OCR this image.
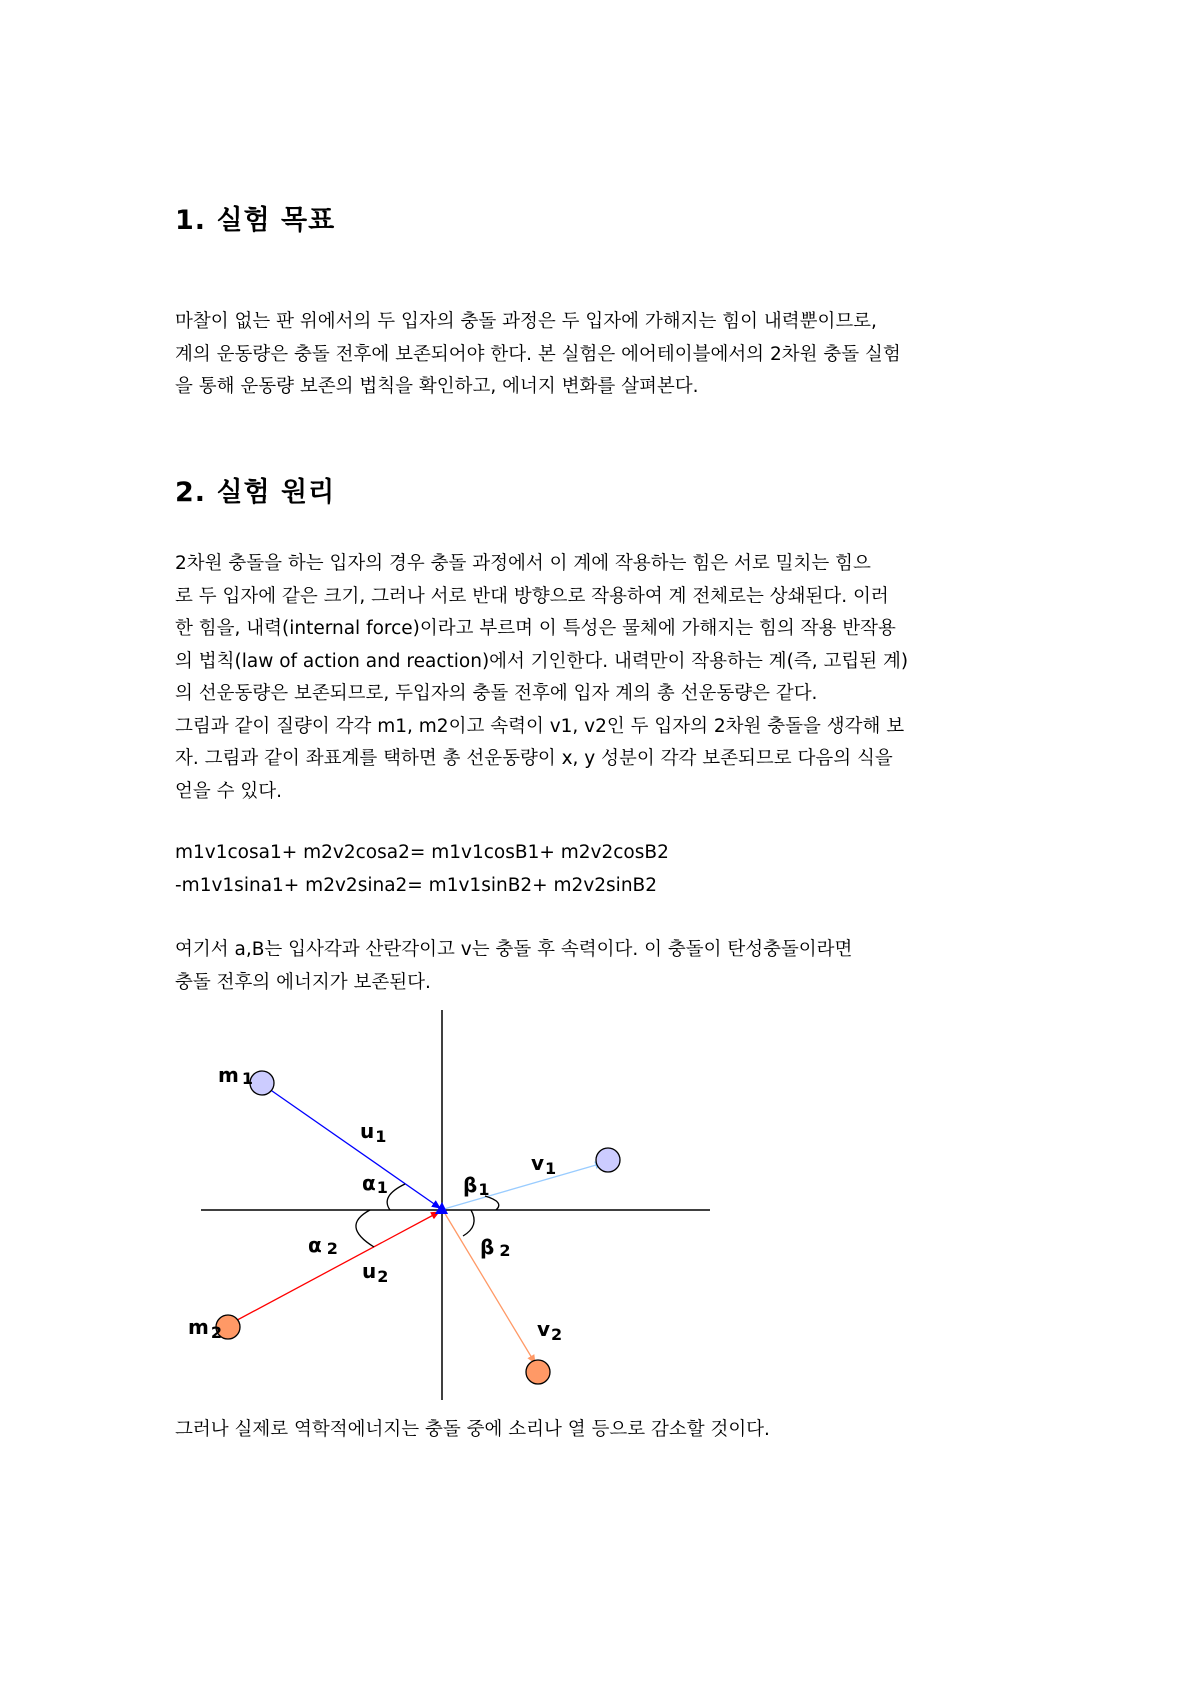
1. 실험 목표
마찰이 없는 판 위에서의 두 입자의 충돌 과정은 두 입자에 가해지는 힘이 내력뿐이므로,
계의 운동량은 충돌 전후에 보존되어야 한다. 본 실험은 에어테이블에서의 2차원 충돌 실험
을 통해 운동량 보존의 법칙을 확인하고, 에너지 변화를 살펴본다.
2. 실험 원리
2차원 충돌을 하는 입자의 경우 충돌 과정에서 이 계에 작용하는 힘은 서로 밀치는 힘으
로 두 입자에 같은 크기, 그러나 서로 반대 방향으로 작용하여 계 전체로는 상쇄된다. 이러
한 힘을, 내력(internal force)이라고 부르며 이 특성은 물체에 가해지는 힘의 작용 반작용
의 법칙(law of action and reaction)에서 기인한다. 내력만이 작용하는 계(즉, 고립된 계)
의 선운동량은 보존되므로, 두입자의 충돌 전후에 입자 계의 총 선운동량은 같다.
그림과 같이 질량이 각각 m1, m2이고 속력이 v1, v2인 두 입자의 2차원 충돌을 생각해 보
자. 그림과 같이 좌표계를 택하면 총 선운동량이 x, y 성분이 각각 보존되므로 다음의 식을
얻을 수 있다.
m1v1cosa1+ m2v2cosa2= m1v1cosB1+ m2v2cosB2
-m1v1sina1+ m2v2sina2= m1v1sinB2+ m2v2sinB2
여기서 a,B는 입사각과 산란각이고 v는 충돌 후 속력이다. 이 충돌이 탄성충돌이라면
충돌 전후의 에너지가 보존된다.
m 1
m $_2$
$u_1$
$u_2$
$v_1$
$v_2$
α1
α 2
β1
β 2
그러나 실제로 역학적에너지는 충돌 중에 소리나 열 등으로 감소할 것이다.
